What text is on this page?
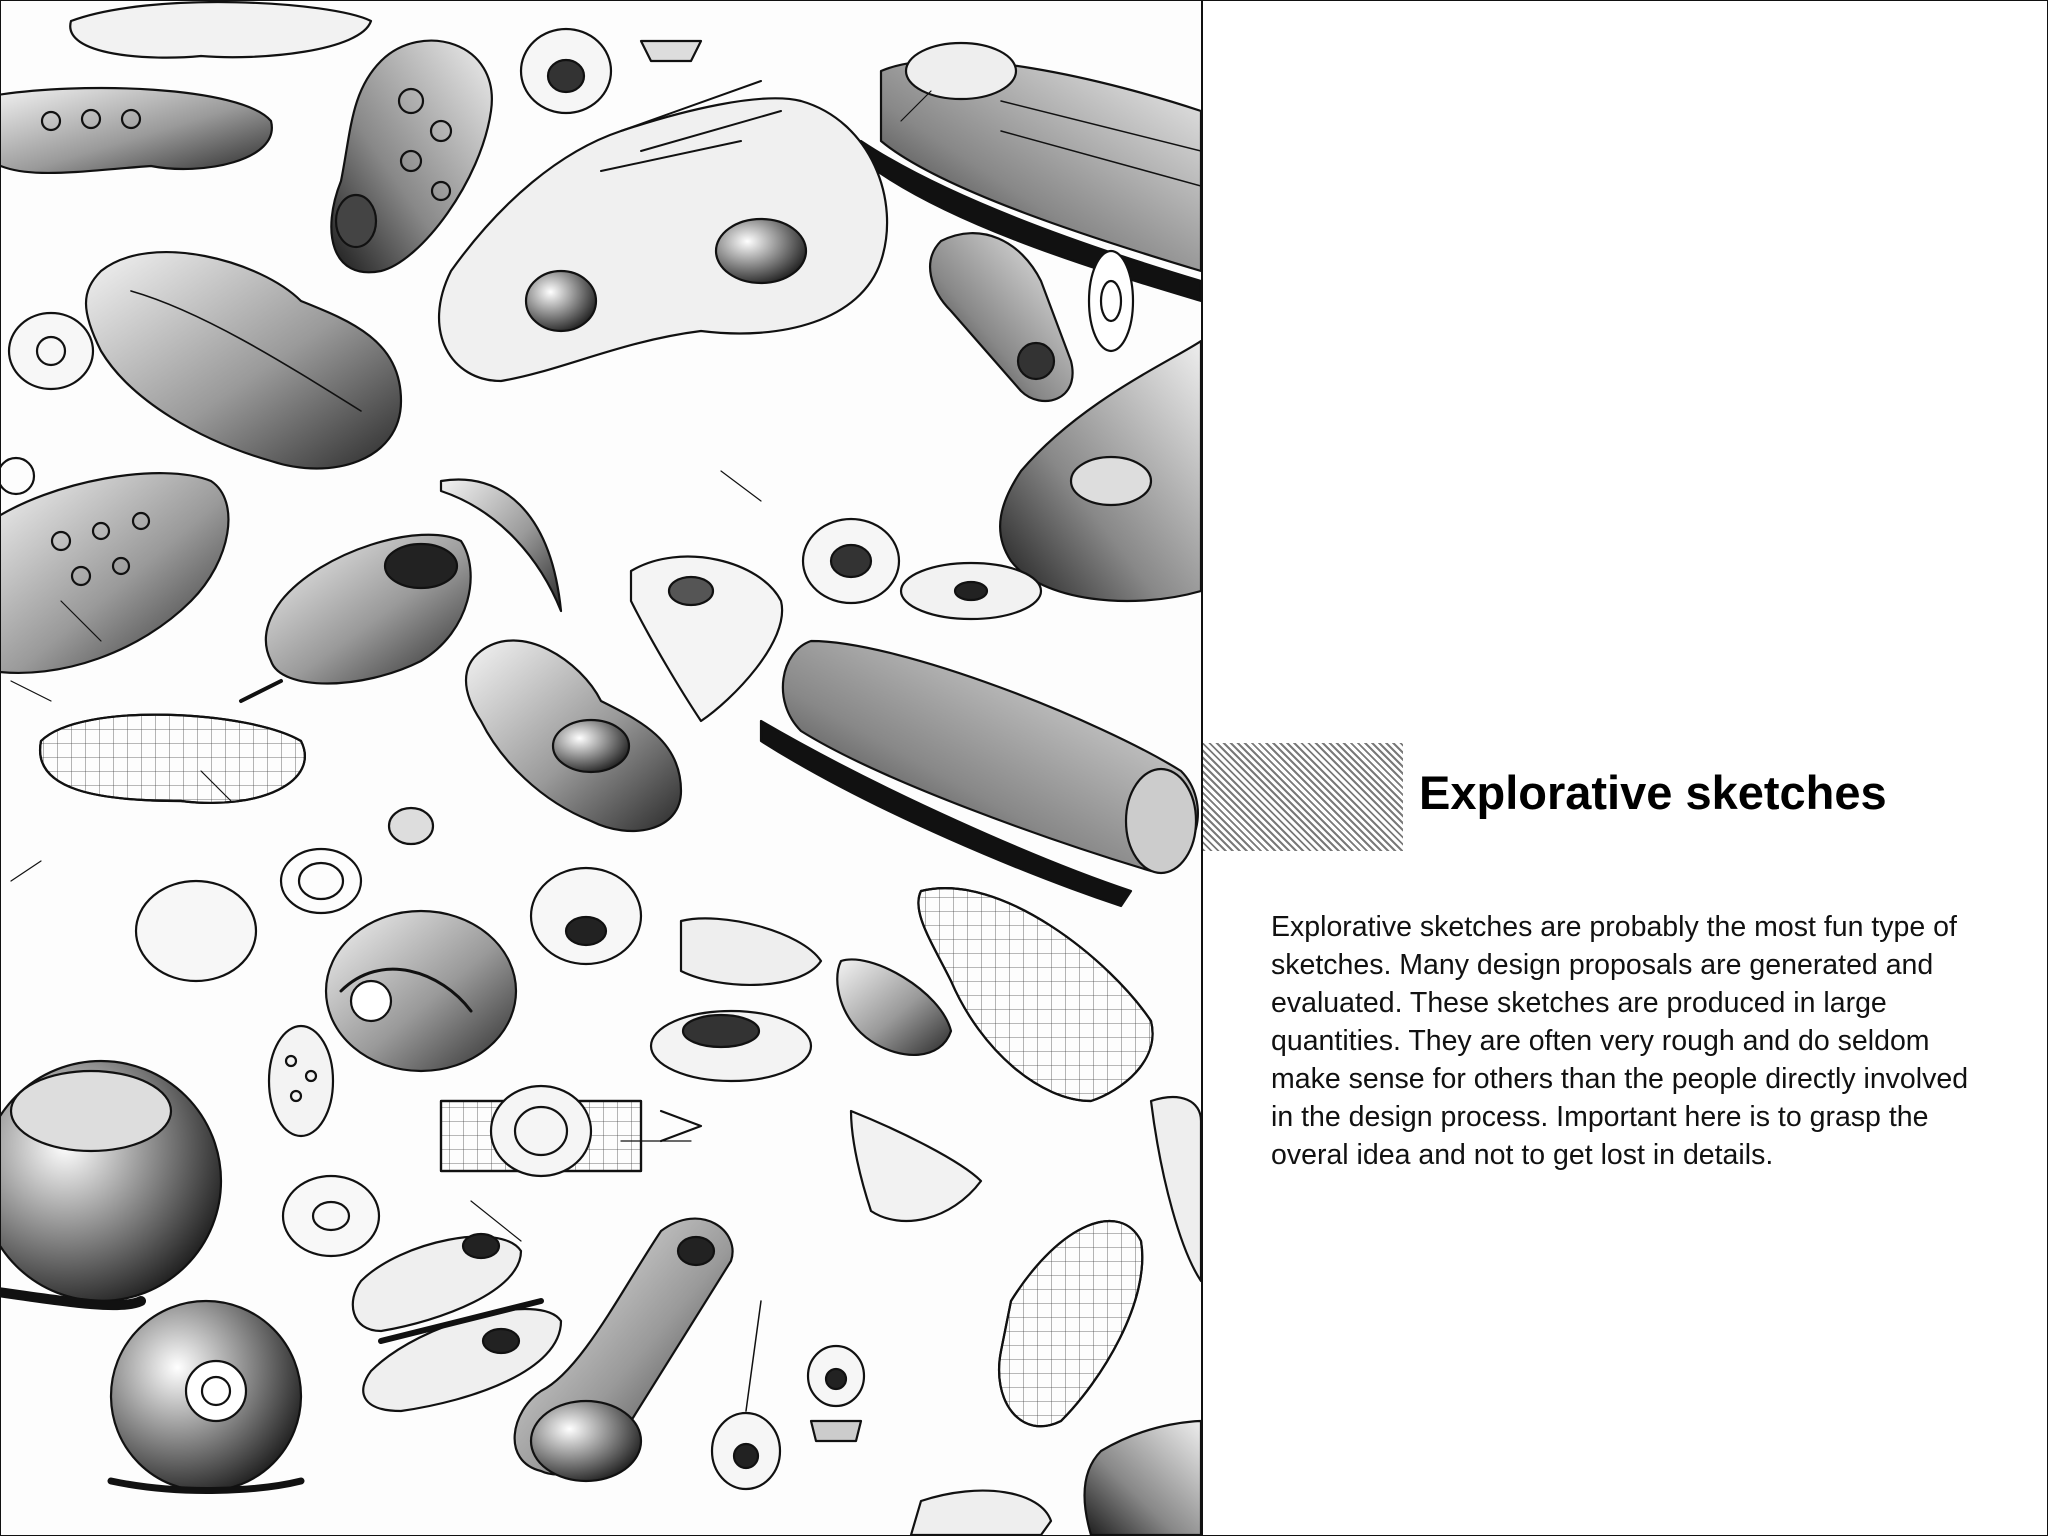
Explorative sketches

Explorative sketches are probably the most fun type of sketches. Many design proposals are generated and evaluated. These sketches are produced in large quantities. They are often very rough and do seldom make sense for others than the people directly involved in the design process. Important here is to grasp the overal idea and not to get lost in details.
